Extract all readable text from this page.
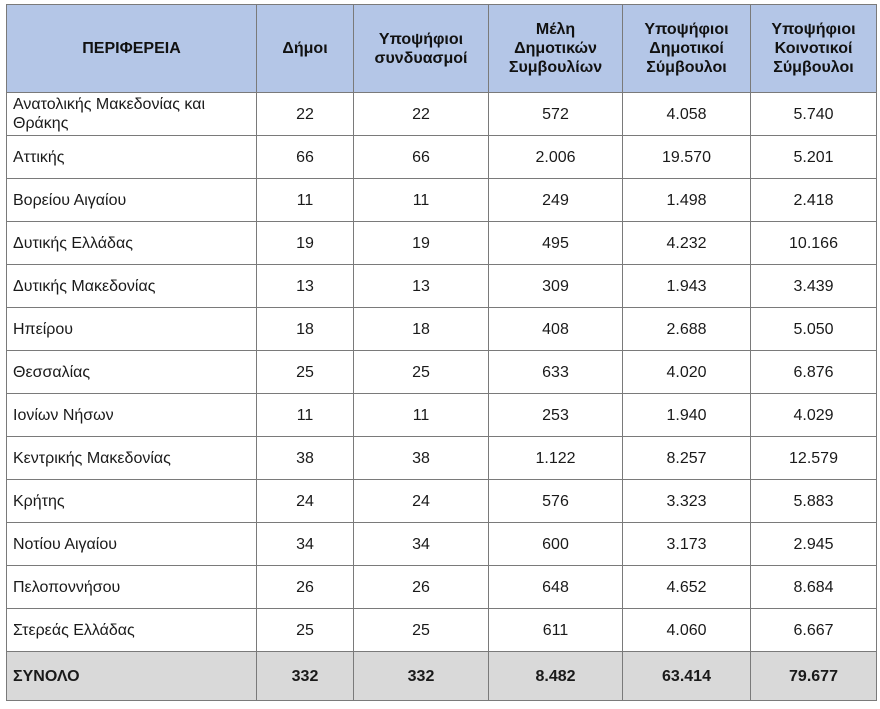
ΠΕΡΙΦΕΡΕΙΑ	Δήμοι	Υποψήφιοι συνδυασμοί	Μέλη Δημοτικών Συμβουλίων	Υποψήφιοι Δημοτικοί Σύμβουλοι	Υποψήφιοι Κοινοτικοί Σύμβουλοι
Ανατολικής Μακεδονίας και Θράκης	22	22	572	4.058	5.740
Αττικής	66	66	2.006	19.570	5.201
Βορείου Αιγαίου	11	11	249	1.498	2.418
Δυτικής Ελλάδας	19	19	495	4.232	10.166
Δυτικής Μακεδονίας	13	13	309	1.943	3.439
Ηπείρου	18	18	408	2.688	5.050
Θεσσαλίας	25	25	633	4.020	6.876
Ιονίων Νήσων	11	11	253	1.940	4.029
Κεντρικής Μακεδονίας	38	38	1.122	8.257	12.579
Κρήτης	24	24	576	3.323	5.883
Νοτίου Αιγαίου	34	34	600	3.173	2.945
Πελοποννήσου	26	26	648	4.652	8.684
Στερεάς Ελλάδας	25	25	611	4.060	6.667
ΣΥΝΟΛΟ	332	332	8.482	63.414	79.677
